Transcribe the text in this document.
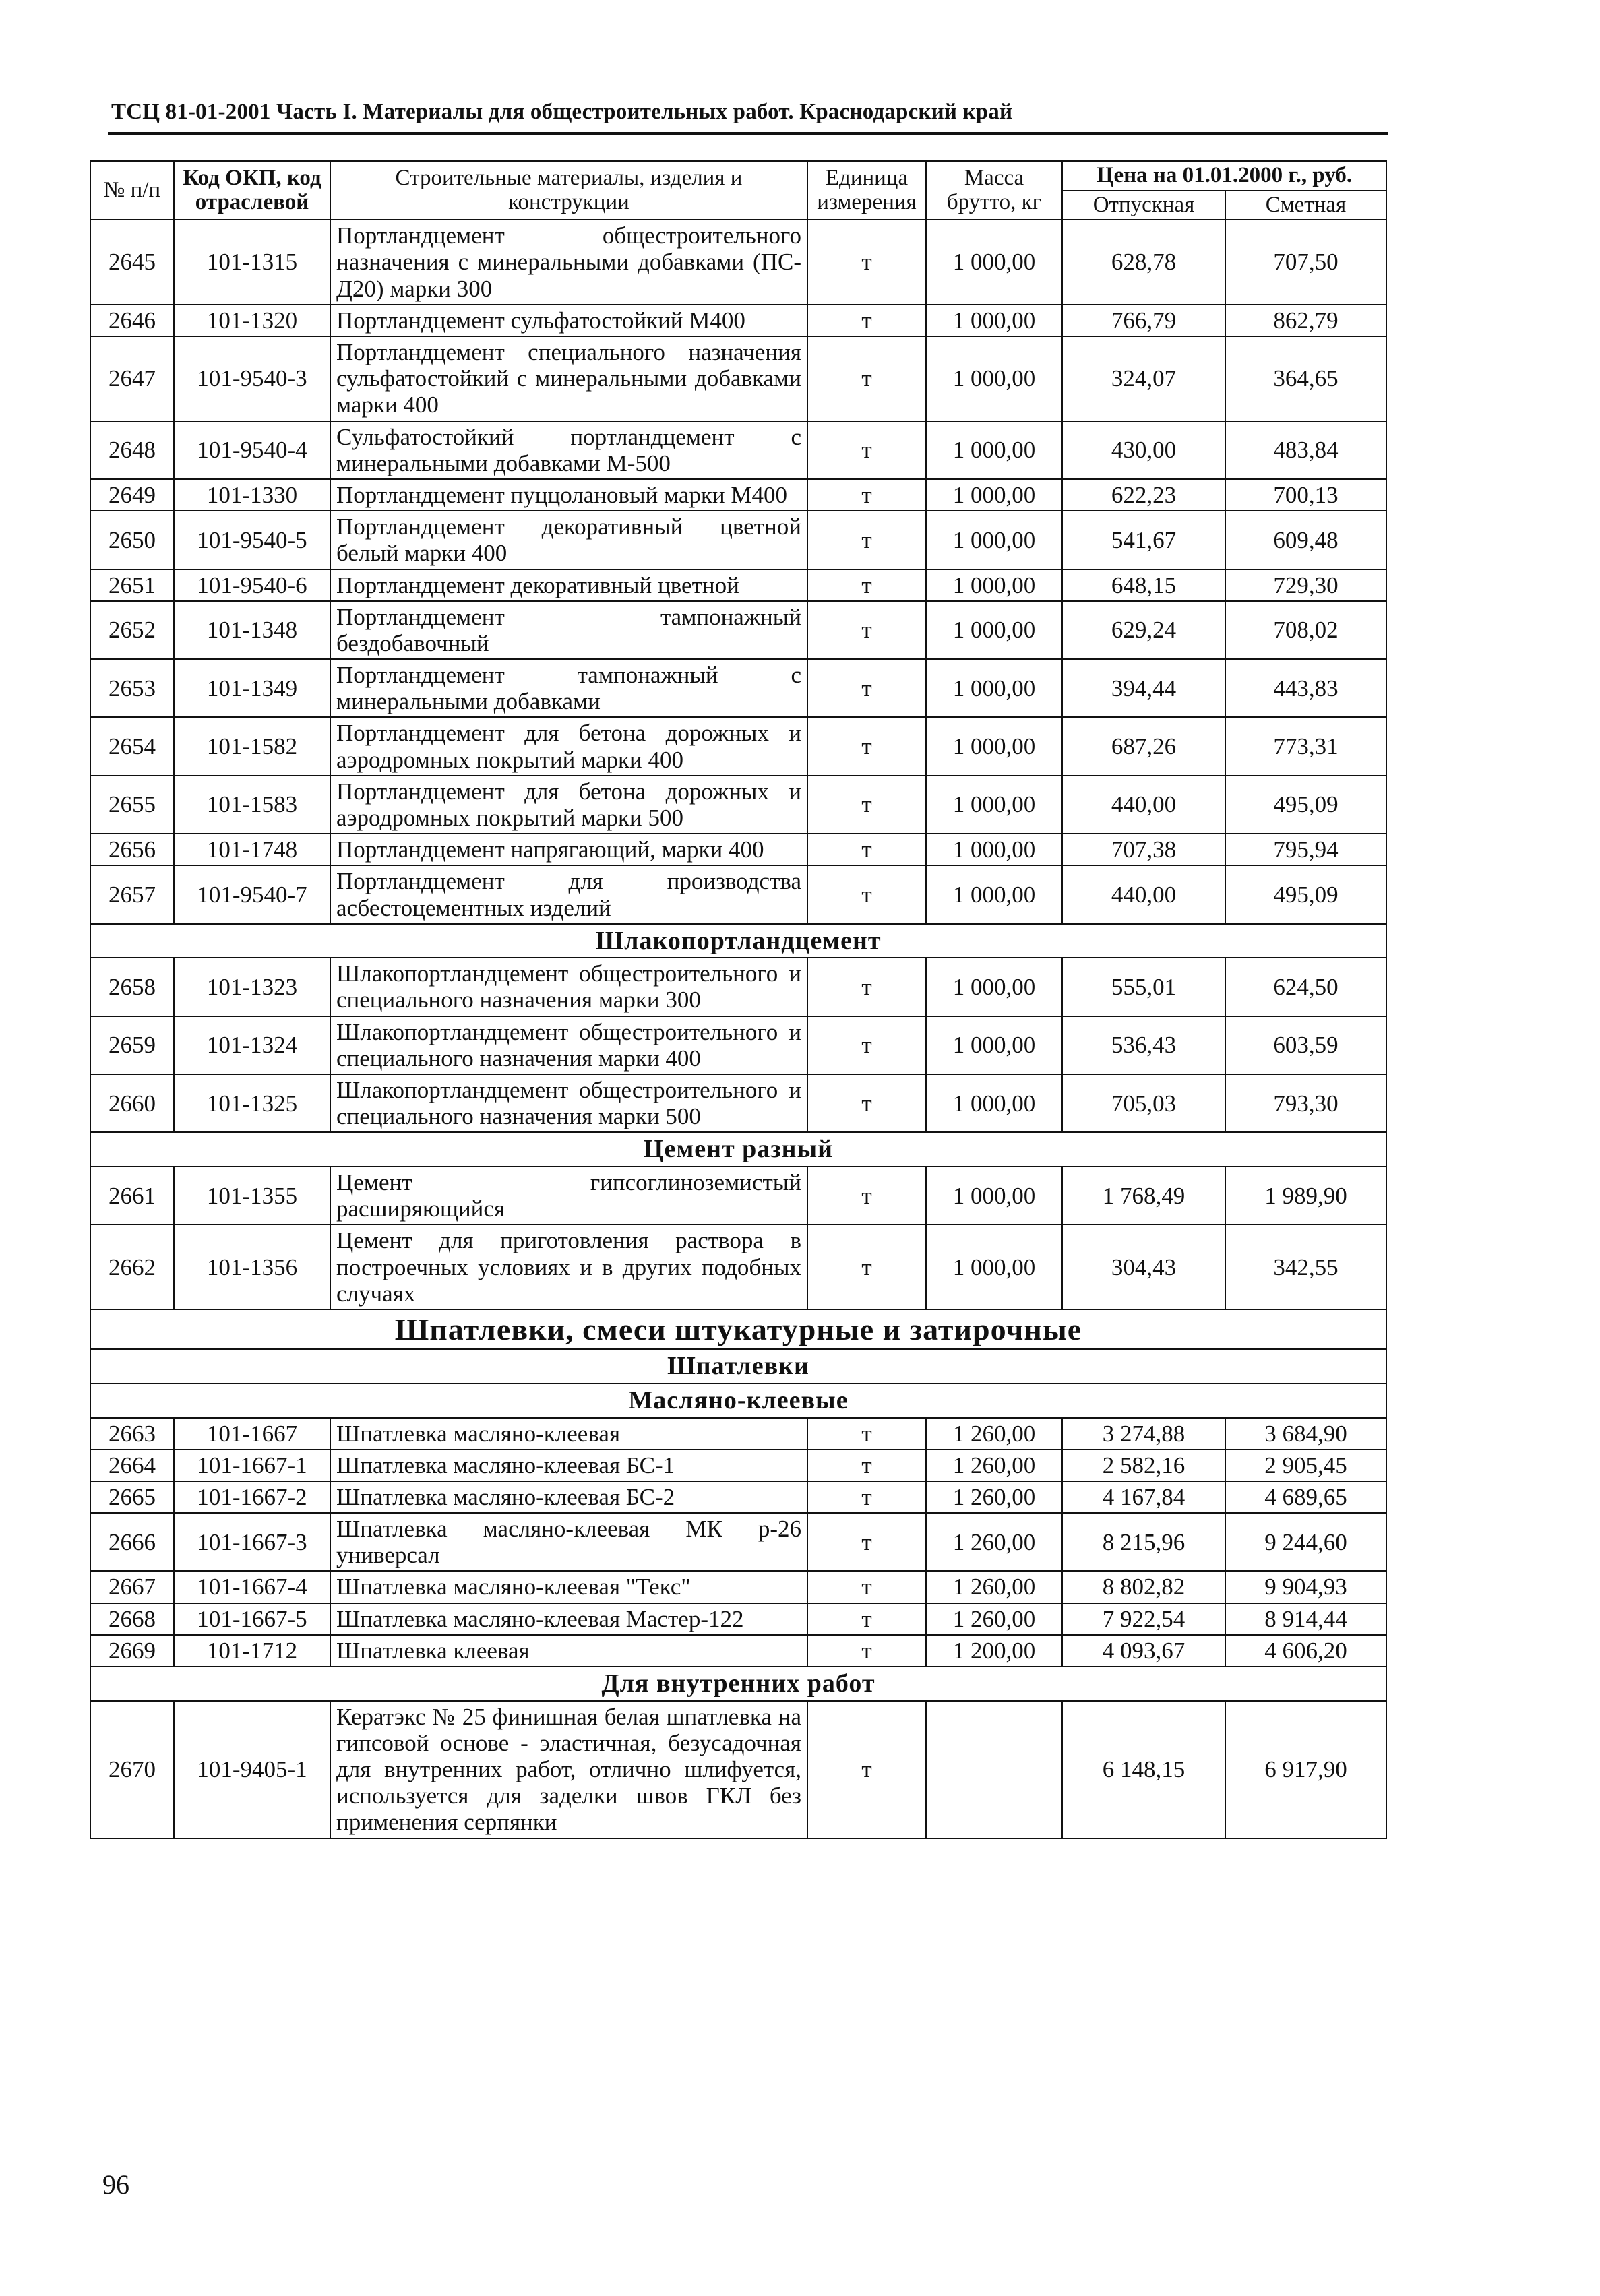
ТСЦ 81-01-2001 Часть I. Материалы для общестроительных работ. Краснодарский край
№ п/п	Код ОКП, код отраслевой	Строительные материалы, изделия и конструкции	Единица измерения	Масса брутто, кг	Цена на 01.01.2000 г., руб.	
					Отпускная	Сметная
2645	101-1315	Портландцемент общестроительного назначения с минеральными добавками (ПС-Д20) марки 300	т	1 000,00	628,78	707,50
2646	101-1320	Портландцемент сульфатостойкий М400	т	1 000,00	766,79	862,79
2647	101-9540-3	Портландцемент специального назначения сульфатостойкий с минеральными добавками марки 400	т	1 000,00	324,07	364,65
2648	101-9540-4	Сульфатостойкий портландцемент с минеральными добавками М-500	т	1 000,00	430,00	483,84
2649	101-1330	Портландцемент пуццолановый марки М400	т	1 000,00	622,23	700,13
2650	101-9540-5	Портландцемент декоративный цветной белый марки 400	т	1 000,00	541,67	609,48
2651	101-9540-6	Портландцемент декоративный цветной	т	1 000,00	648,15	729,30
2652	101-1348	Портландцемент тампонажный бездобавочный	т	1 000,00	629,24	708,02
2653	101-1349	Портландцемент тампонажный с минеральными добавками	т	1 000,00	394,44	443,83
2654	101-1582	Портландцемент для бетона дорожных и аэродромных покрытий марки 400	т	1 000,00	687,26	773,31
2655	101-1583	Портландцемент для бетона дорожных и аэродромных покрытий марки 500	т	1 000,00	440,00	495,09
2656	101-1748	Портландцемент напрягающий, марки 400	т	1 000,00	707,38	795,94
2657	101-9540-7	Портландцемент для производства асбестоцементных изделий	т	1 000,00	440,00	495,09
Шлакопортландцемент						
2658	101-1323	Шлакопортландцемент общестроительного и специального назначения марки 300	т	1 000,00	555,01	624,50
2659	101-1324	Шлакопортландцемент общестроительного и специального назначения марки 400	т	1 000,00	536,43	603,59
2660	101-1325	Шлакопортландцемент общестроительного и специального назначения марки 500	т	1 000,00	705,03	793,30
Цемент разный						
2661	101-1355	Цемент гипсоглиноземистый расширяющийся	т	1 000,00	1 768,49	1 989,90
2662	101-1356	Цемент для приготовления раствора в построечных условиях и в других подобных случаях	т	1 000,00	304,43	342,55
Шпатлевки, смеси штукатурные и затирочные						
Шпатлевки						
Масляно-клеевые						
2663	101-1667	Шпатлевка масляно-клеевая	т	1 260,00	3 274,88	3 684,90
2664	101-1667-1	Шпатлевка масляно-клеевая БС-1	т	1 260,00	2 582,16	2 905,45
2665	101-1667-2	Шпатлевка масляно-клеевая БС-2	т	1 260,00	4 167,84	4 689,65
2666	101-1667-3	Шпатлевка масляно-клеевая МК р-26 универсал	т	1 260,00	8 215,96	9 244,60
2667	101-1667-4	Шпатлевка масляно-клеевая "Текс"	т	1 260,00	8 802,82	9 904,93
2668	101-1667-5	Шпатлевка масляно-клеевая Мастер-122	т	1 260,00	7 922,54	8 914,44
2669	101-1712	Шпатлевка клеевая	т	1 200,00	4 093,67	4 606,20
Для внутренних работ						
2670	101-9405-1	Кератэкс № 25 финишная белая шпатлевка на гипсовой основе - эластичная, безусадочная для внутренних работ, отлично шлифуется, используется для заделки швов ГКЛ без применения серпянки	т		6 148,15	6 917,90
96
